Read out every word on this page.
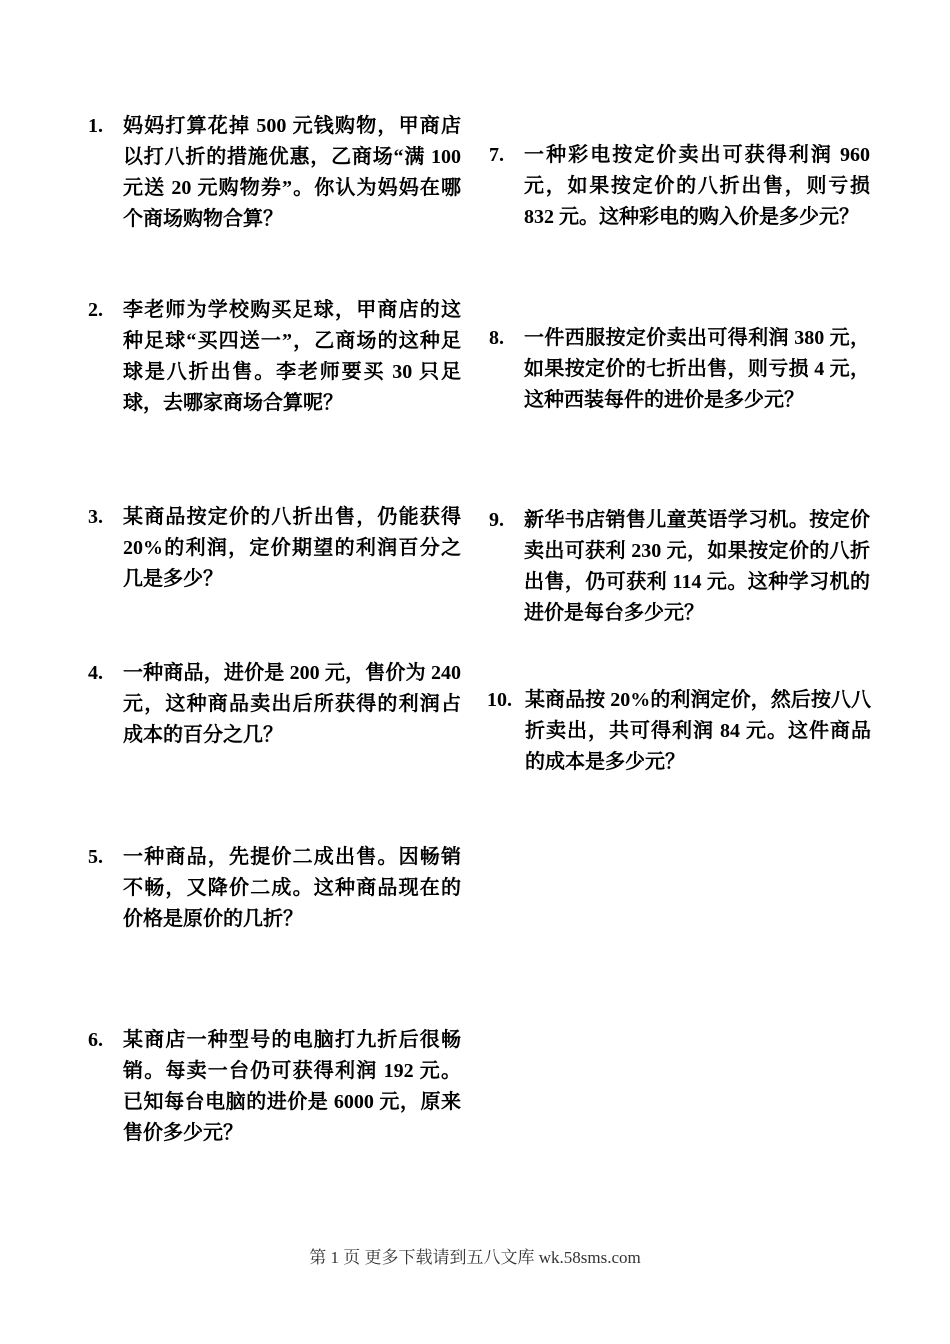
1.	妈妈打算花掉 500 元钱购物，甲商店以打八折的措施优惠，乙商场“满 100 元送 20 元购物券”。你认为妈妈在哪个商场购物合算？
2.	李老师为学校购买足球，甲商店的这种足球“买四送一”，乙商场的这种足球是八折出售。李老师要买 30 只足球，去哪家商场合算呢？
3.	某商品按定价的八折出售，仍能获得 20%的利润，定价期望的利润百分之几是多少？
4.	一种商品，进价是 200 元，售价为 240 元，这种商品卖出后所获得的利润占成本的百分之几？
5.	一种商品，先提价二成出售。因畅销不畅，又降价二成。这种商品现在的价格是原价的几折？
6.	某商店一种型号的电脑打九折后很畅销。每卖一台仍可获得利润 192 元。已知每台电脑的进价是 6000 元，原来售价多少元？
7.	一种彩电按定价卖出可获得利润 960 元，如果按定价的八折出售，则亏损 832 元。这种彩电的购入价是多少元？
8.	一件西服按定价卖出可得利润 380 元，如果按定价的七折出售，则亏损 4 元，这种西装每件的进价是多少元？
9.	新华书店销售儿童英语学习机。按定价卖出可获利 230 元，如果按定价的八折出售，仍可获利 114 元。这种学习机的进价是每台多少元？
10. 某商品按 20%的利润定价，然后按八八折卖出，共可得利润 84 元。这件商品的成本是多少元？
第 1 页 更多下载请到五八文库 wk.58sms.com
